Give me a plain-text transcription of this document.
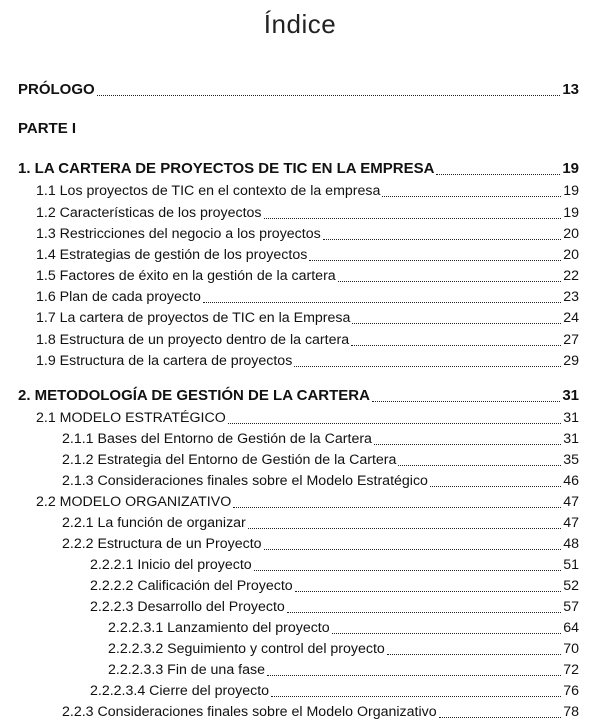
Índice
PRÓLOGO	13
PARTE I
1. LA CARTERA DE PROYECTOS DE TIC EN LA EMPRESA	19
1.1 Los proyectos de TIC en el contexto de la empresa	19
1.2 Características de los proyectos	19
1.3 Restricciones del negocio a los proyectos	20
1.4 Estrategias de gestión de los proyectos	20
1.5 Factores de éxito en la gestión de la cartera	22
1.6 Plan de cada proyecto	23
1.7 La cartera de proyectos de TIC en la Empresa	24
1.8 Estructura de un proyecto dentro de la cartera	27
1.9 Estructura de la cartera de proyectos	29
2. METODOLOGÍA DE GESTIÓN DE LA CARTERA	31
2.1 MODELO ESTRATÉGICO	31
2.1.1 Bases del Entorno de Gestión de la Cartera	31
2.1.2 Estrategia del Entorno de Gestión de la Cartera	35
2.1.3 Consideraciones finales sobre el Modelo Estratégico	46
2.2 MODELO ORGANIZATIVO	47
2.2.1 La función de organizar	47
2.2.2 Estructura de un Proyecto	48
2.2.2.1 Inicio del proyecto	51
2.2.2.2 Calificación del Proyecto	52
2.2.2.3 Desarrollo del Proyecto	57
2.2.2.3.1 Lanzamiento del proyecto	64
2.2.2.3.2 Seguimiento y control del proyecto	70
2.2.2.3.3 Fin de una fase	72
2.2.2.3.4 Cierre del proyecto	76
2.2.3 Consideraciones finales sobre el Modelo Organizativo	78
